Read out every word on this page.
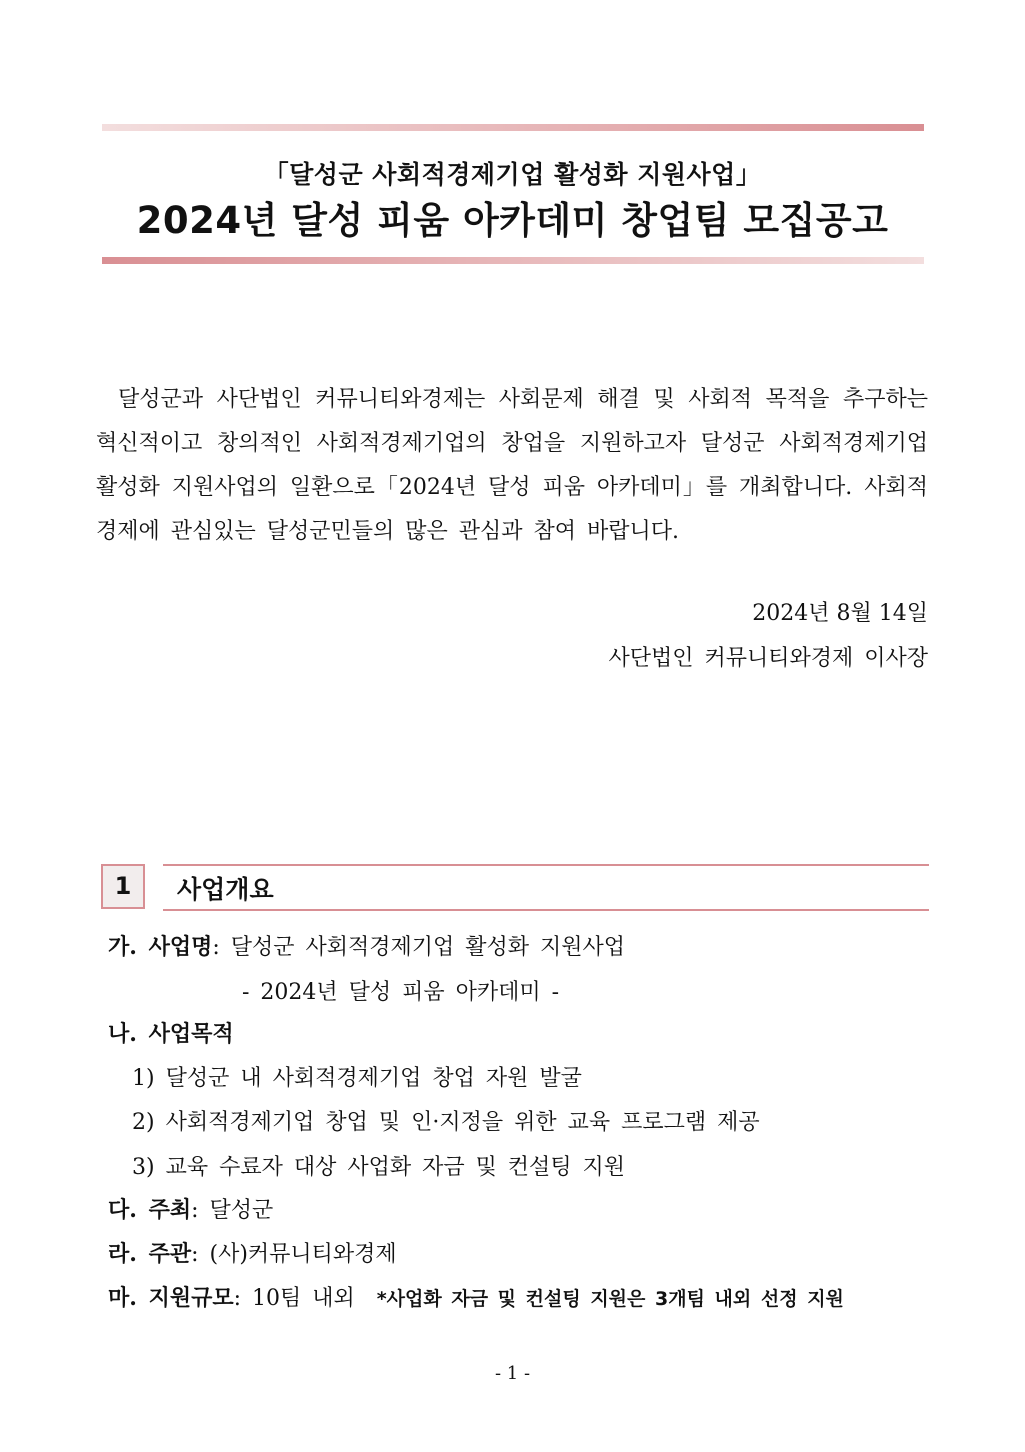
「달성군 사회적경제기업 활성화 지원사업」
2024년 달성 피움 아카데미 창업팀 모집공고
달성군과 사단법인 커뮤니티와경제는 사회문제 해결 및 사회적 목적을 추구하는 혁신적이고 창의적인 사회적경제기업의 창업을 지원하고자 달성군 사회적경제기업 활성화 지원사업의 일환으로「2024년 달성 피움 아카데미」를 개최합니다. 사회적경제에 관심있는 달성군민들의 많은 관심과 참여 바랍니다.
2024년 8월 14일
사단법인 커뮤니티와경제 이사장
1	사업개요
가. 사업명: 달성군 사회적경제기업 활성화 지원사업
- 2024년 달성 피움 아카데미 -
나. 사업목적
1) 달성군 내 사회적경제기업 창업 자원 발굴
2) 사회적경제기업 창업 및 인·지정을 위한 교육 프로그램 제공
3) 교육 수료자 대상 사업화 자금 및 컨설팅 지원
다. 주최: 달성군
라. 주관: (사)커뮤니티와경제
마. 지원규모: 10팀 내외 *사업화 자금 및 컨설팅 지원은 3개팀 내외 선정 지원
- 1 -
